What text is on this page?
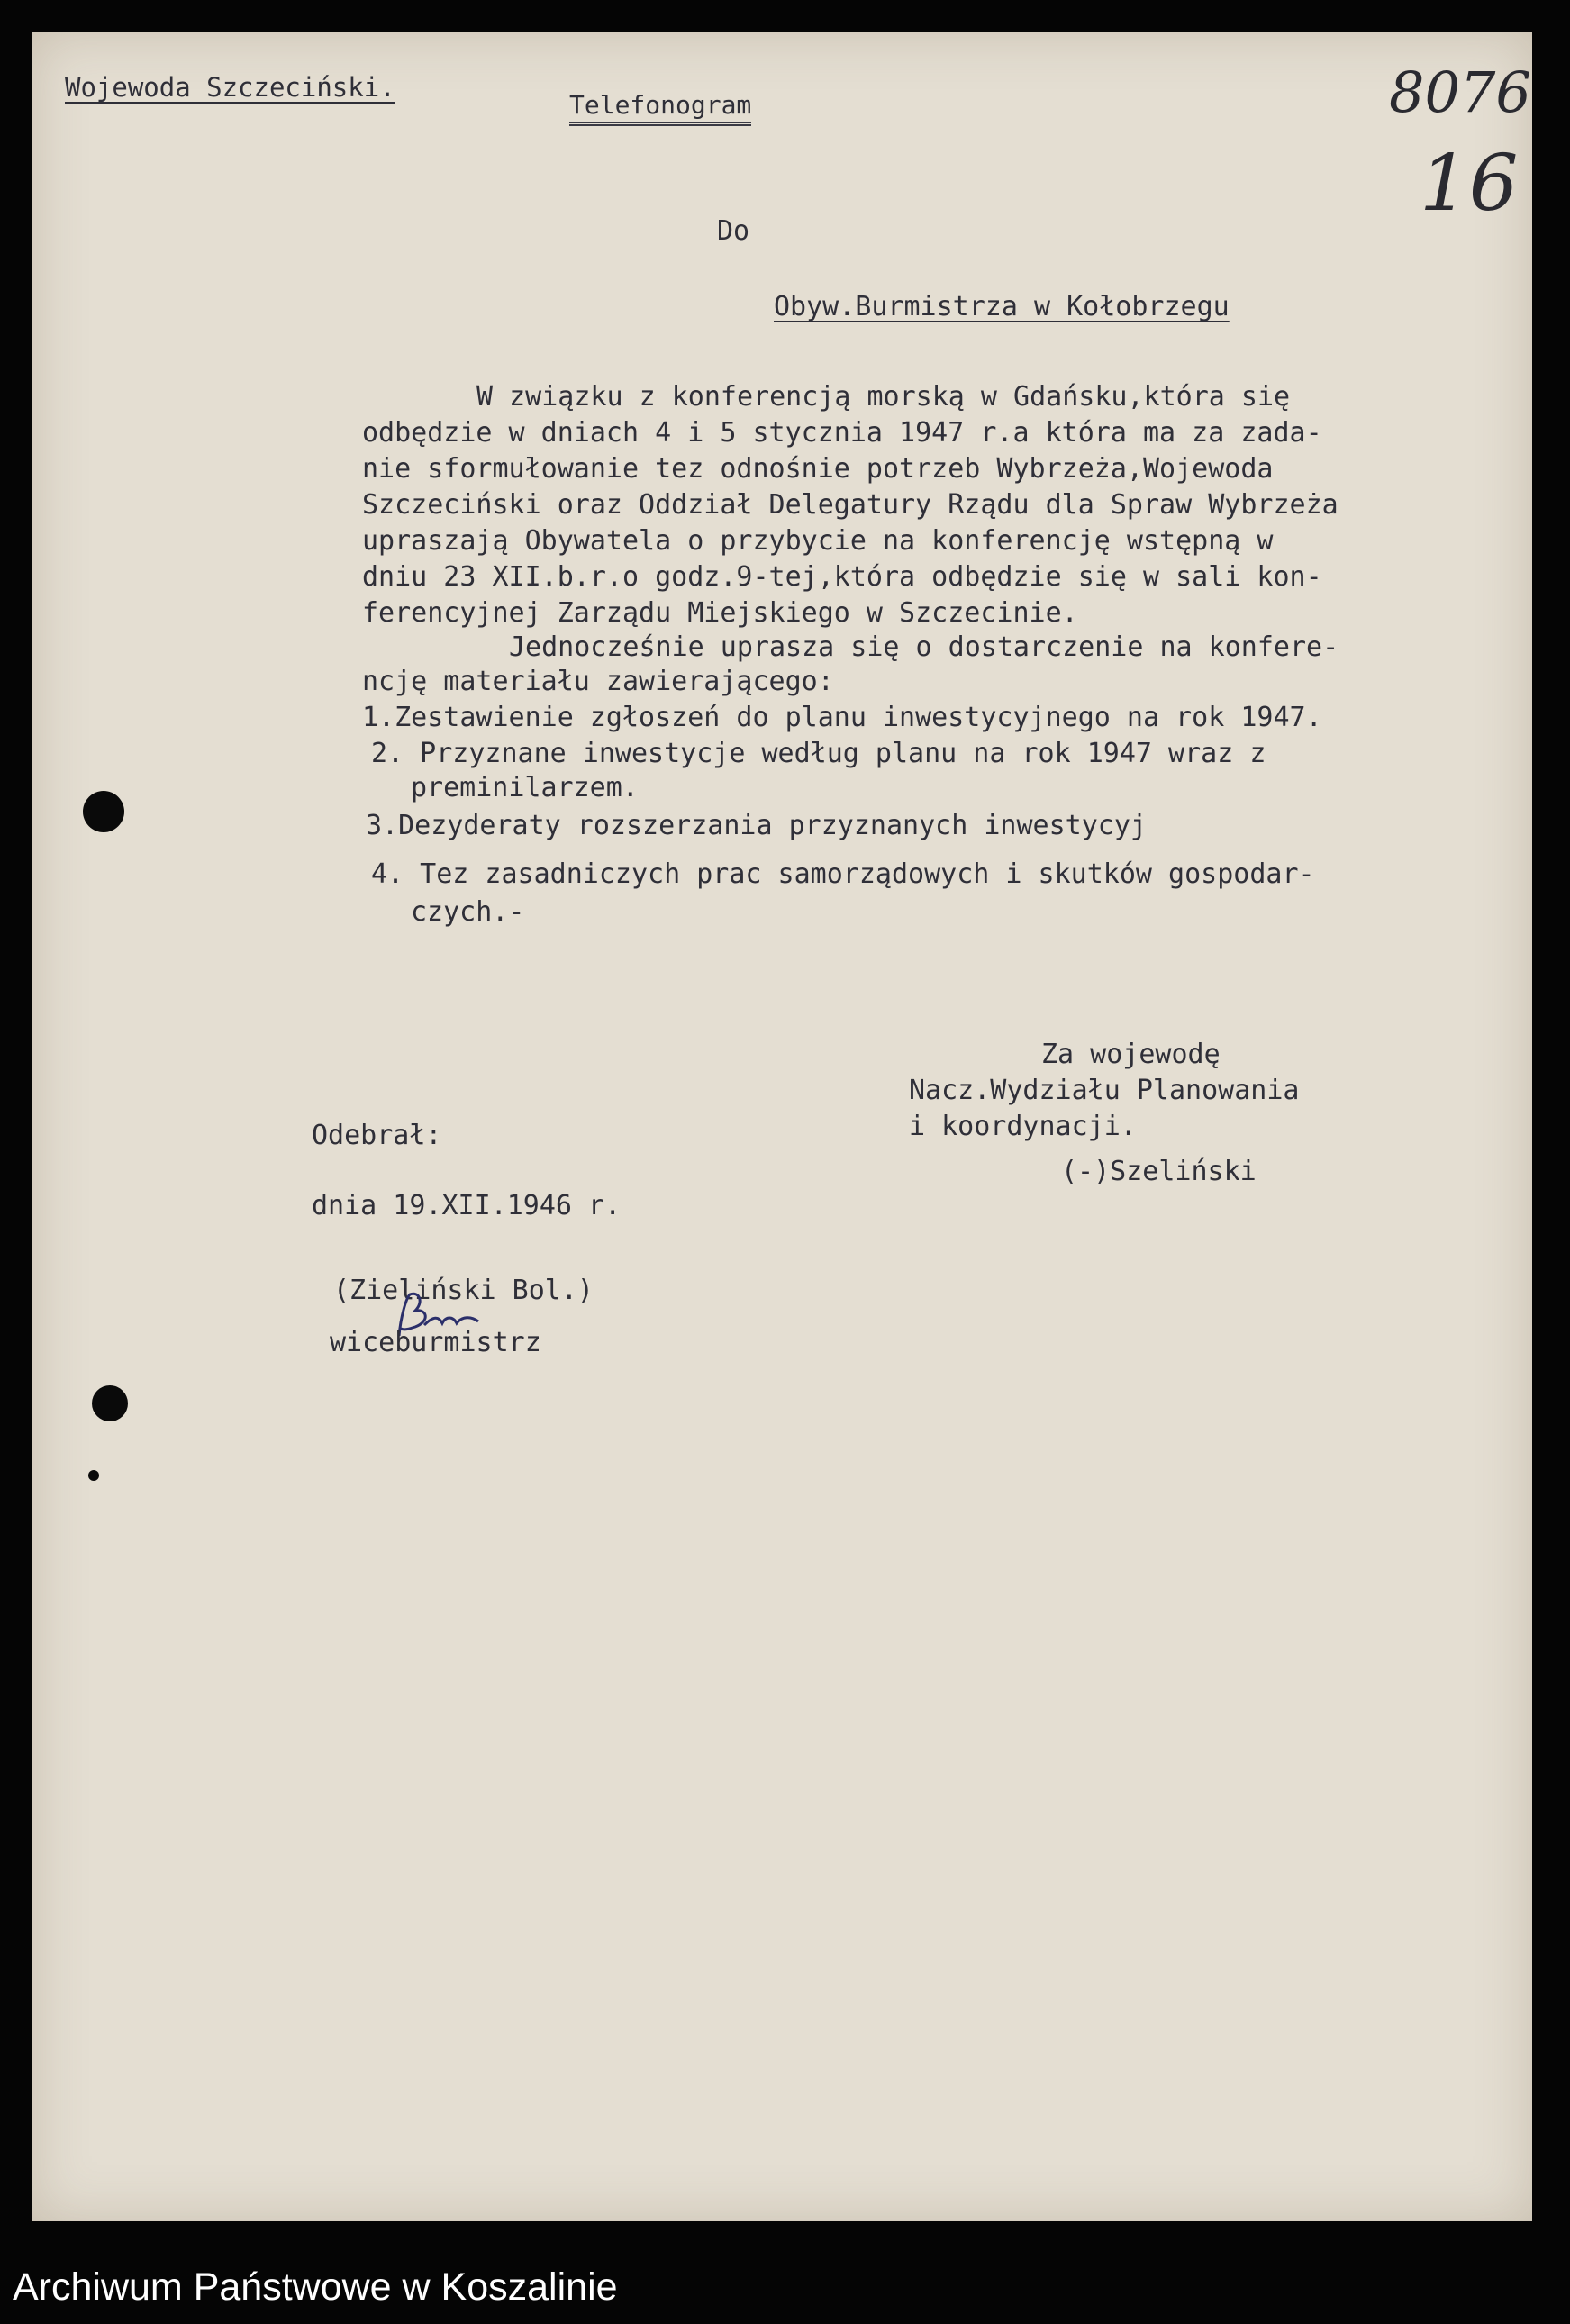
Wojewoda Szczeciński.
Telefonogram	8076
16
Do
Obyw.Burmistrza w Kołobrzegu
W związku z konferencją morską w Gdańsku,która się
odbędzie w dniach 4 i 5 stycznia 1947 r.a która ma za zada-
nie sformułowanie tez odnośnie potrzeb Wybrzeża,Wojewoda
Szczeciński oraz Oddział Delegatury Rządu dla Spraw Wybrzeża
upraszają Obywatela o przybycie na konferencję wstępną w
dniu 23 XII.b.r.o godz.9-tej,która odbędzie się w sali kon-
ferencyjnej Zarządu Miejskiego w Szczecinie.
Jednocześnie uprasza się o dostarczenie na konfere-
ncję materiału zawierającego:
1.Zestawienie zgłoszeń do planu inwestycyjnego na rok 1947.
2. Przyznane inwestycje według planu na rok 1947 wraz z
preminilarzem.
3.Dezyderaty rozszerzania przyznanych inwestycyj
4. Tez zasadniczych prac samorządowych i skutków gospodar-
czych.-
Za wojewodę
Nacz.Wydziału Planowania
i koordynacji.
(-)Szeliński
Odebrał:
dnia 19.XII.1946 r.
(Zieliński Bol.)
wiceburmistrz
Archiwum Państwowe w Koszalinie
